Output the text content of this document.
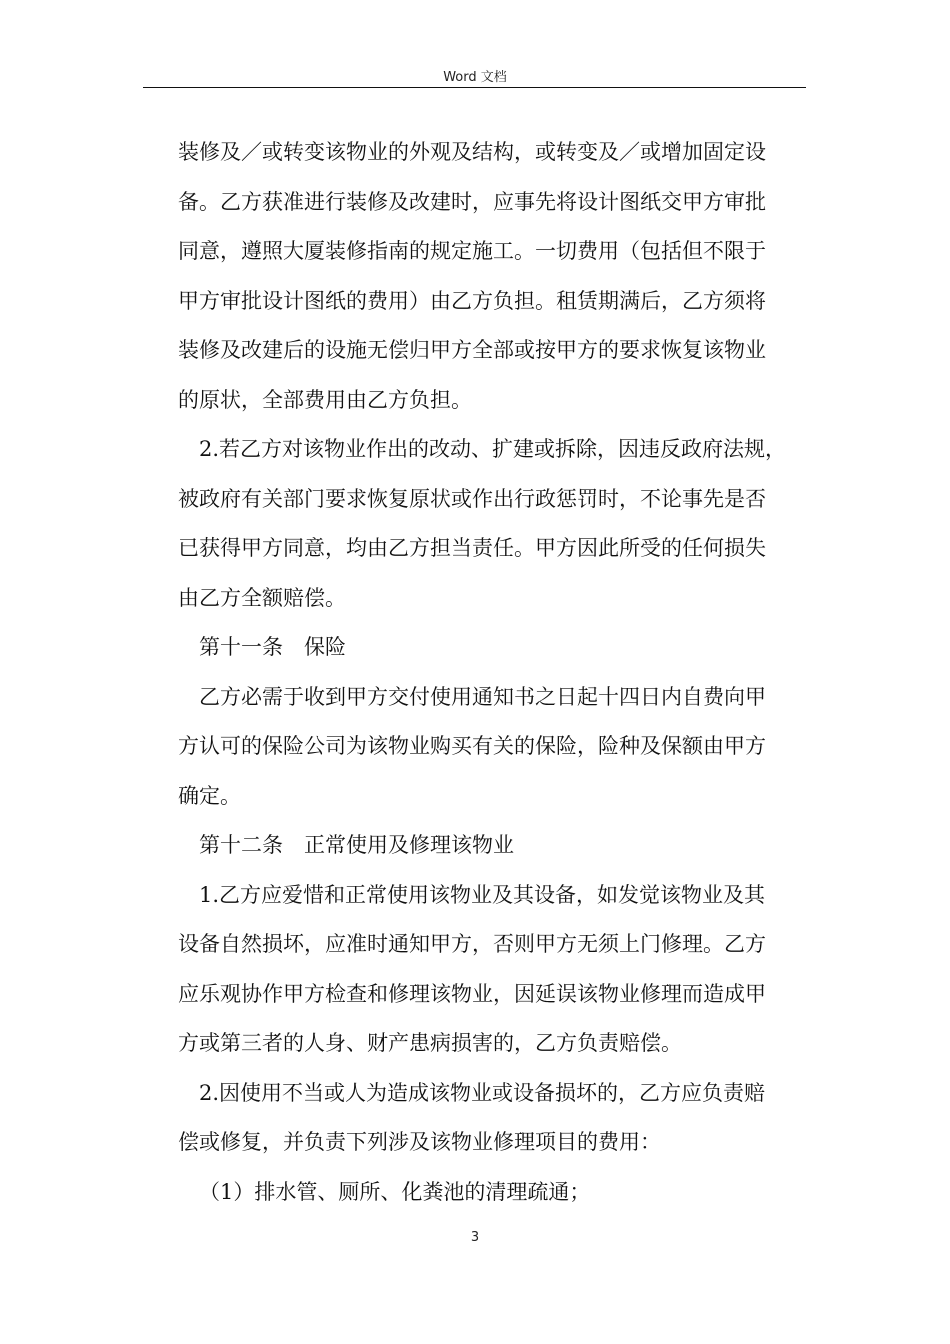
Word 文档
装修及／或转变该物业的外观及结构，或转变及／或增加固定设
备。乙方获准进行装修及改建时，应事先将设计图纸交甲方审批
同意，遵照大厦装修指南的规定施工。一切费用（包括但不限于
甲方审批设计图纸的费用）由乙方负担。租赁期满后，乙方须将
装修及改建后的设施无偿归甲方全部或按甲方的要求恢复该物业
的原状，全部费用由乙方负担。
2.若乙方对该物业作出的改动、扩建或拆除，因违反政府法规，
被政府有关部门要求恢复原状或作出行政惩罚时，不论事先是否
已获得甲方同意，均由乙方担当责任。甲方因此所受的任何损失
由乙方全额赔偿。
第十一条　保险
乙方必需于收到甲方交付使用通知书之日起十四日内自费向甲
方认可的保险公司为该物业购买有关的保险，险种及保额由甲方
确定。
第十二条　正常使用及修理该物业
1.乙方应爱惜和正常使用该物业及其设备，如发觉该物业及其
设备自然损坏，应准时通知甲方，否则甲方无须上门修理。乙方
应乐观协作甲方检查和修理该物业，因延误该物业修理而造成甲
方或第三者的人身、财产患病损害的，乙方负责赔偿。
2.因使用不当或人为造成该物业或设备损坏的，乙方应负责赔
偿或修复，并负责下列涉及该物业修理项目的费用：
（1）排水管、厕所、化粪池的清理疏通；
3
